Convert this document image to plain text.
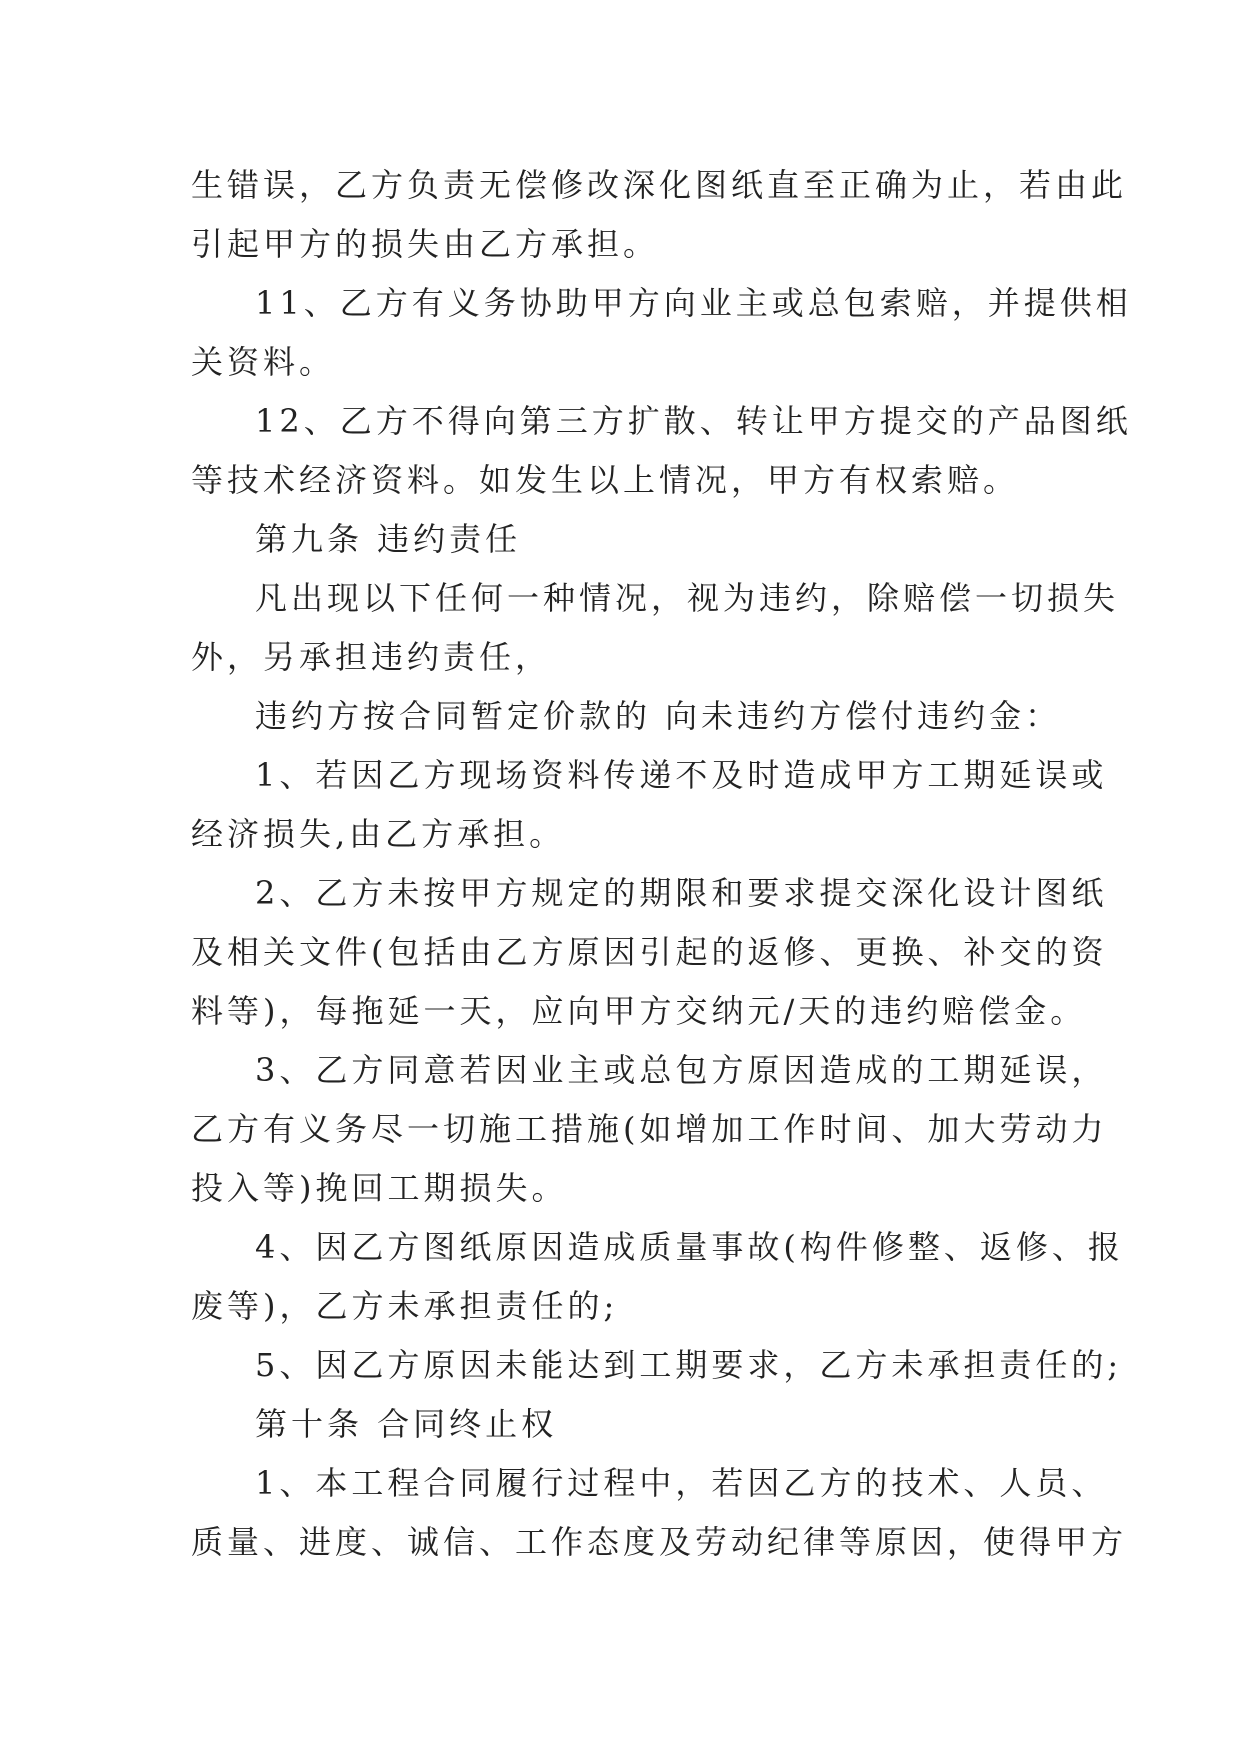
生错误，乙方负责无偿修改深化图纸直至正确为止，若由此
引起甲方的损失由乙方承担。

11、乙方有义务协助甲方向业主或总包索赔，并提供相
关资料。

12、乙方不得向第三方扩散、转让甲方提交的产品图纸
等技术经济资料。如发生以上情况，甲方有权索赔。

第九条 违约责任

凡出现以下任何一种情况，视为违约，除赔偿一切损失
外，另承担违约责任，

违约方按合同暂定价款的 向未违约方偿付违约金：

1、若因乙方现场资料传递不及时造成甲方工期延误或
经济损失,由乙方承担。

2、乙方未按甲方规定的期限和要求提交深化设计图纸
及相关文件(包括由乙方原因引起的返修、更换、补交的资
料等)，每拖延一天，应向甲方交纳元/天的违约赔偿金。

3、乙方同意若因业主或总包方原因造成的工期延误，
乙方有义务尽一切施工措施(如增加工作时间、加大劳动力
投入等)挽回工期损失。

4、因乙方图纸原因造成质量事故(构件修整、返修、报
废等)，乙方未承担责任的;

5、因乙方原因未能达到工期要求，乙方未承担责任的;

第十条 合同终止权

1、本工程合同履行过程中，若因乙方的技术、人员、
质量、进度、诚信、工作态度及劳动纪律等原因，使得甲方
